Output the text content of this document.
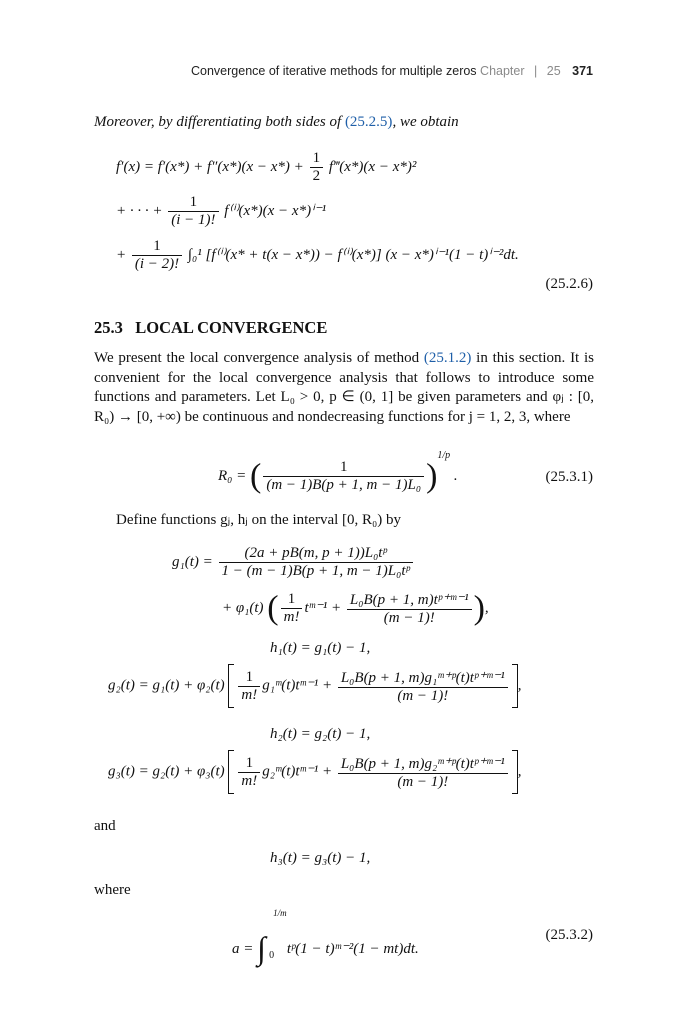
Convergence of iterative methods for multiple zeros Chapter | 25 371
Moreover, by differentiating both sides of (25.2.5), we obtain
$f'(x) = f'(x*) + f''(x*)(x - x*) + \frac{1}{2}$ f‴(x*)(x − x*)²
+ · · · + $\frac{1}{(i - 1)!} f^{(i)}(x*)(x - x*)^{i-1}$
+ $\frac{1}{(i - 2)!} \int_0^1$ [f⁽ⁱ⁾(x* + t(x − x*)) − f⁽ⁱ⁾(x*)] (x − x*)ⁱ⁻¹(1 − t)ⁱ⁻²dt.
(25.2.6)
25.3 LOCAL CONVERGENCE
We present the local convergence analysis of method (25.1.2) in this section. It is convenient for the local convergence analysis that follows to introduce some functions and parameters. Let L₀ > 0, p ∈ (0, 1] be given parameters and φⱼ : [0, R₀) → [0, +∞) be continuous and nondecreasing functions for j = 1, 2, 3, where
R₀ = ( $\frac{1}{\text{(m − 1)B(p + 1, m − 1)L₀}} )^{1/p}$ .	(25.3.1)
Define functions gⱼ, hⱼ on the interval [0, R₀) by
$g_1(t) = \frac{\text{(2a + pB(m, p + 1))L₀tᵖ}}{\text{1 − (m − 1)B(p + 1, m − 1)L₀tᵖ}}$
+ φ₁(t) ( $\frac{1}{m!}$ tᵐ⁻¹ + $\frac{\text{L₀B(p + 1, m)tᵖ⁺ᵐ⁻¹}}{(m - 1)!}$ ),
h₁(t) = g₁(t) − 1,
$g_2(t) = g_1(t) + \varphi_2(t) \frac{1}{m!}$ g₁ᵐ(t)tᵐ⁻¹ + $\frac{\text{L₀B(p + 1, m)g₁ᵐ⁺ᵖ(t)tᵖ⁺ᵐ⁻¹}}{(m - 1)!}$ ,
h₂(t) = g₂(t) − 1,
$g_3(t) = g_2(t) + \varphi_3(t) \frac{1}{m!}$ g₂ᵐ(t)tᵐ⁻¹ + $\frac{\text{L₀B(p + 1, m)g₂ᵐ⁺ᵖ(t)tᵖ⁺ᵐ⁻¹}}{(m - 1)!}$ ,
and
h₃(t) = g₃(t) − 1,
where
a = ∫
1/m
0 tᵖ(1 − t)ᵐ⁻²(1 − mt)dt.
(25.3.2)
